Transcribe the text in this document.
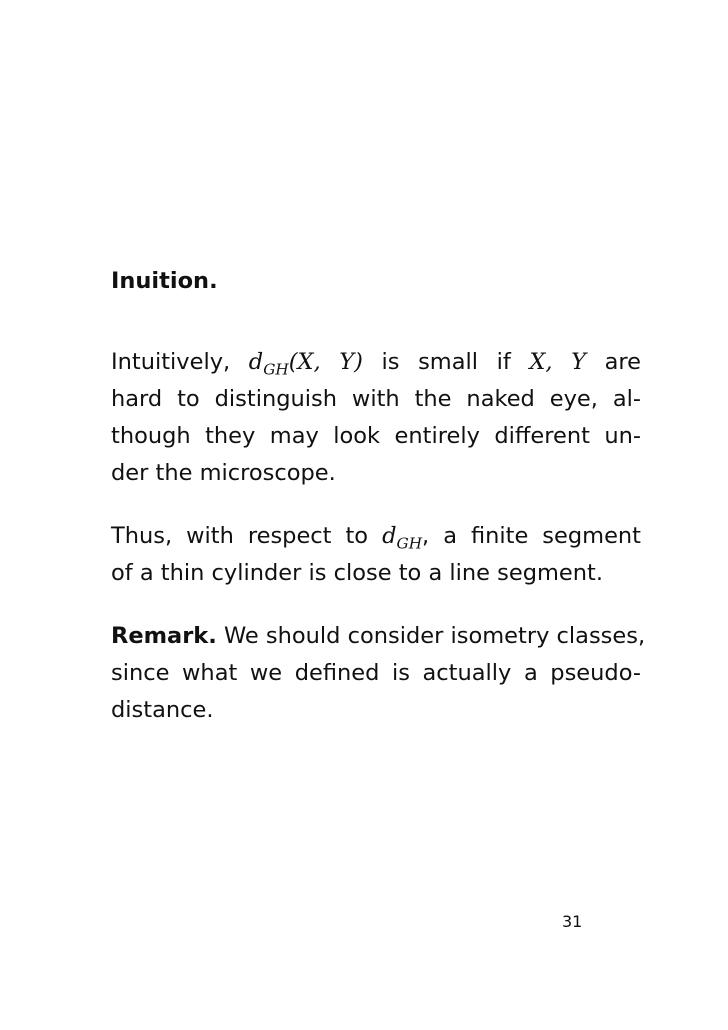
Inuition.

Intuitively, $d_{GH}(X$, Y) is small if X, Y are
hard to distinguish with the naked eye, al-
though they may look entirely different un-
der the microscope.
Thus, with respect to $d_{GH}$, a finite segment
of a thin cylinder is close to a line segment.
Remark. We should consider isometry classes,
since what we defined is actually a pseudo-
distance.
31
